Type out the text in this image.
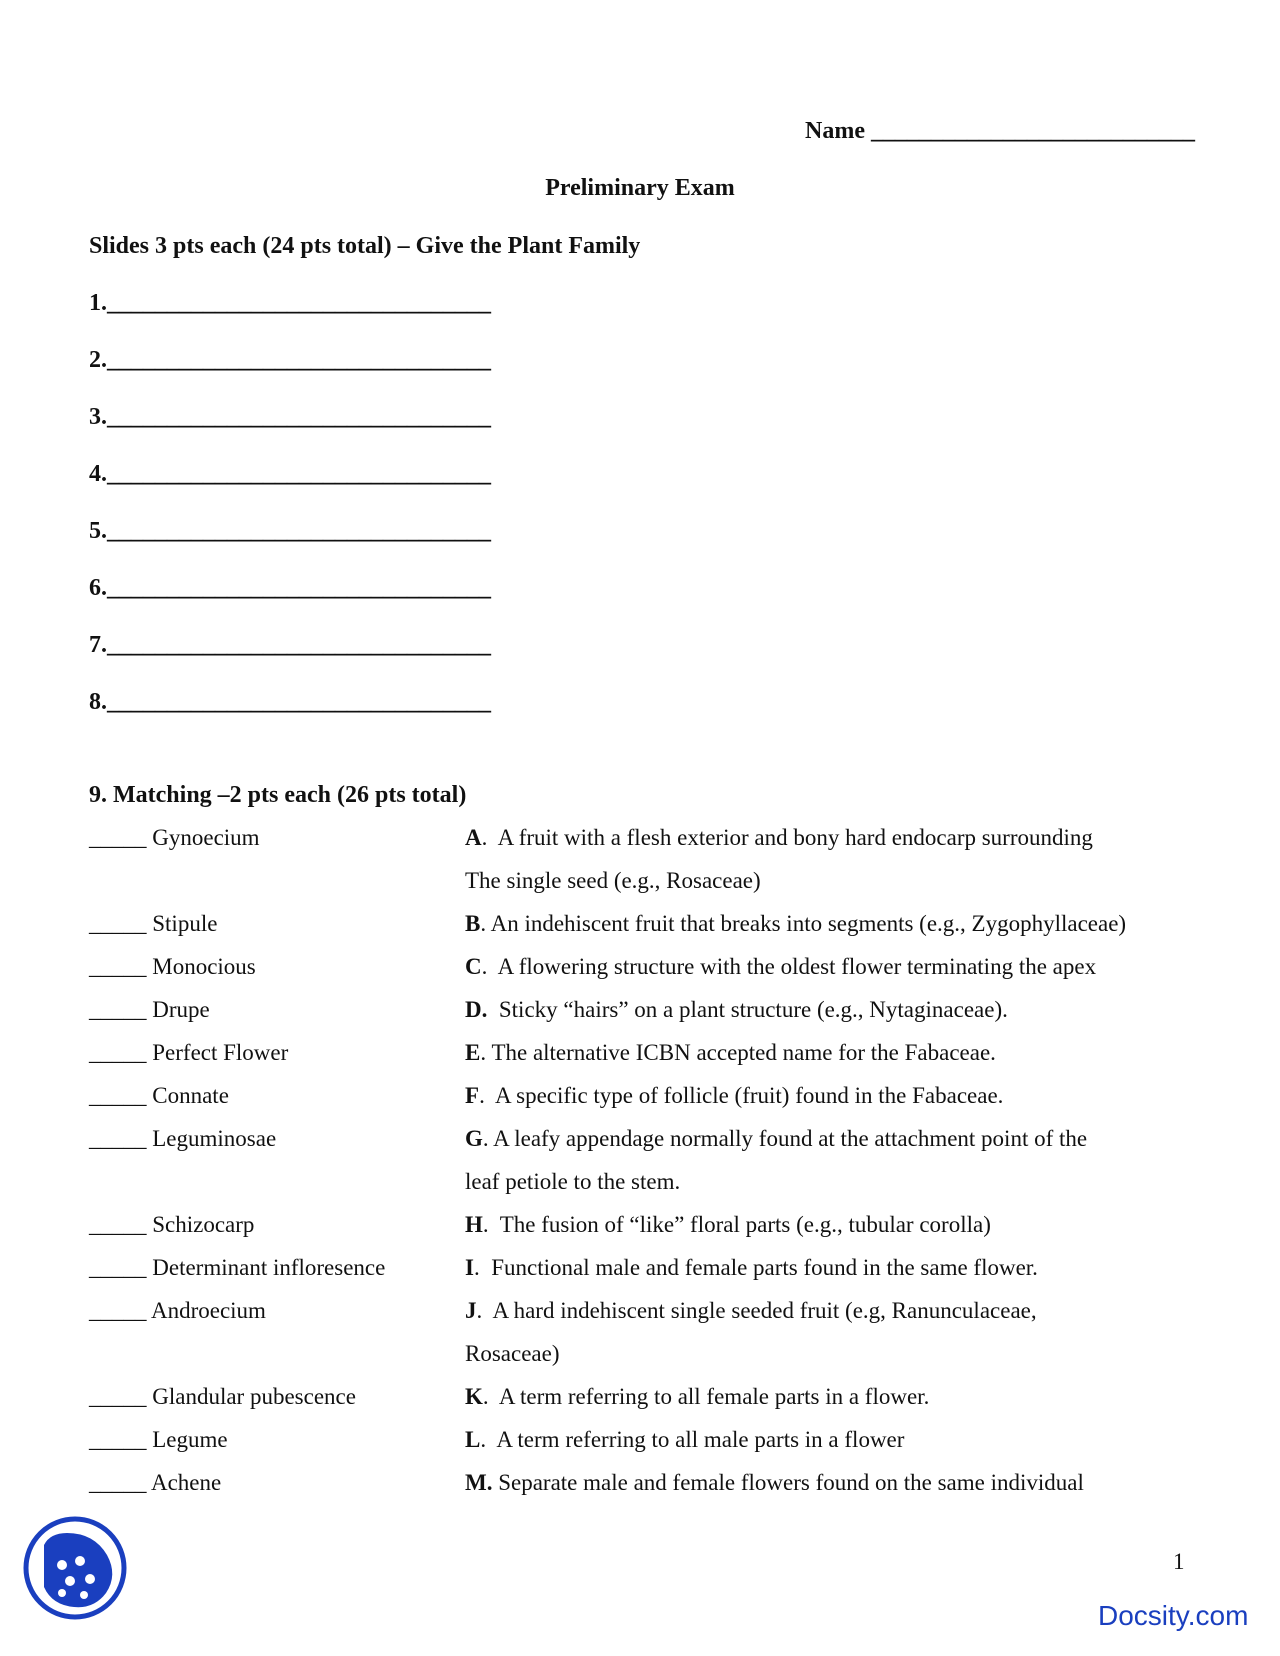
Name ___________________________
Preliminary Exam
Slides 3 pts each (24 pts total) – Give the Plant Family
1.________________________________
2.________________________________
3.________________________________
4.________________________________
5.________________________________
6.________________________________
7.________________________________
8.________________________________
9. Matching –2 pts each (26 pts total)
_____ Gynoecium
_____ Stipule
_____ Monocious
_____ Drupe
_____ Perfect Flower
_____ Connate
_____ Leguminosae
_____ Schizocarp
_____ Determinant infloresence
_____ Androecium
_____ Glandular pubescence
_____ Legume
_____ Achene
A.  A fruit with a flesh exterior and bony hard endocarp surrounding
The single seed (e.g., Rosaceae)
B. An indehiscent fruit that breaks into segments (e.g., Zygophyllaceae)
C.  A flowering structure with the oldest flower terminating the apex
D. Sticky “hairs” on a plant structure (e.g., Nytaginaceae).
E. The alternative ICBN accepted name for the Fabaceae.
F.  A specific type of follicle (fruit) found in the Fabaceae.
G. A leafy appendage normally found at the attachment point of the
leaf petiole to the stem.
H.  The fusion of “like” floral parts (e.g., tubular corolla)
I.  Functional male and female parts found in the same flower.
J.  A hard indehiscent single seeded fruit (e.g, Ranunculaceae,
Rosaceae)
K.  A term referring to all female parts in a flower.
L.  A term referring to all male parts in a flower
M. Separate male and female flowers found on the same individual
1
Docsity.com
